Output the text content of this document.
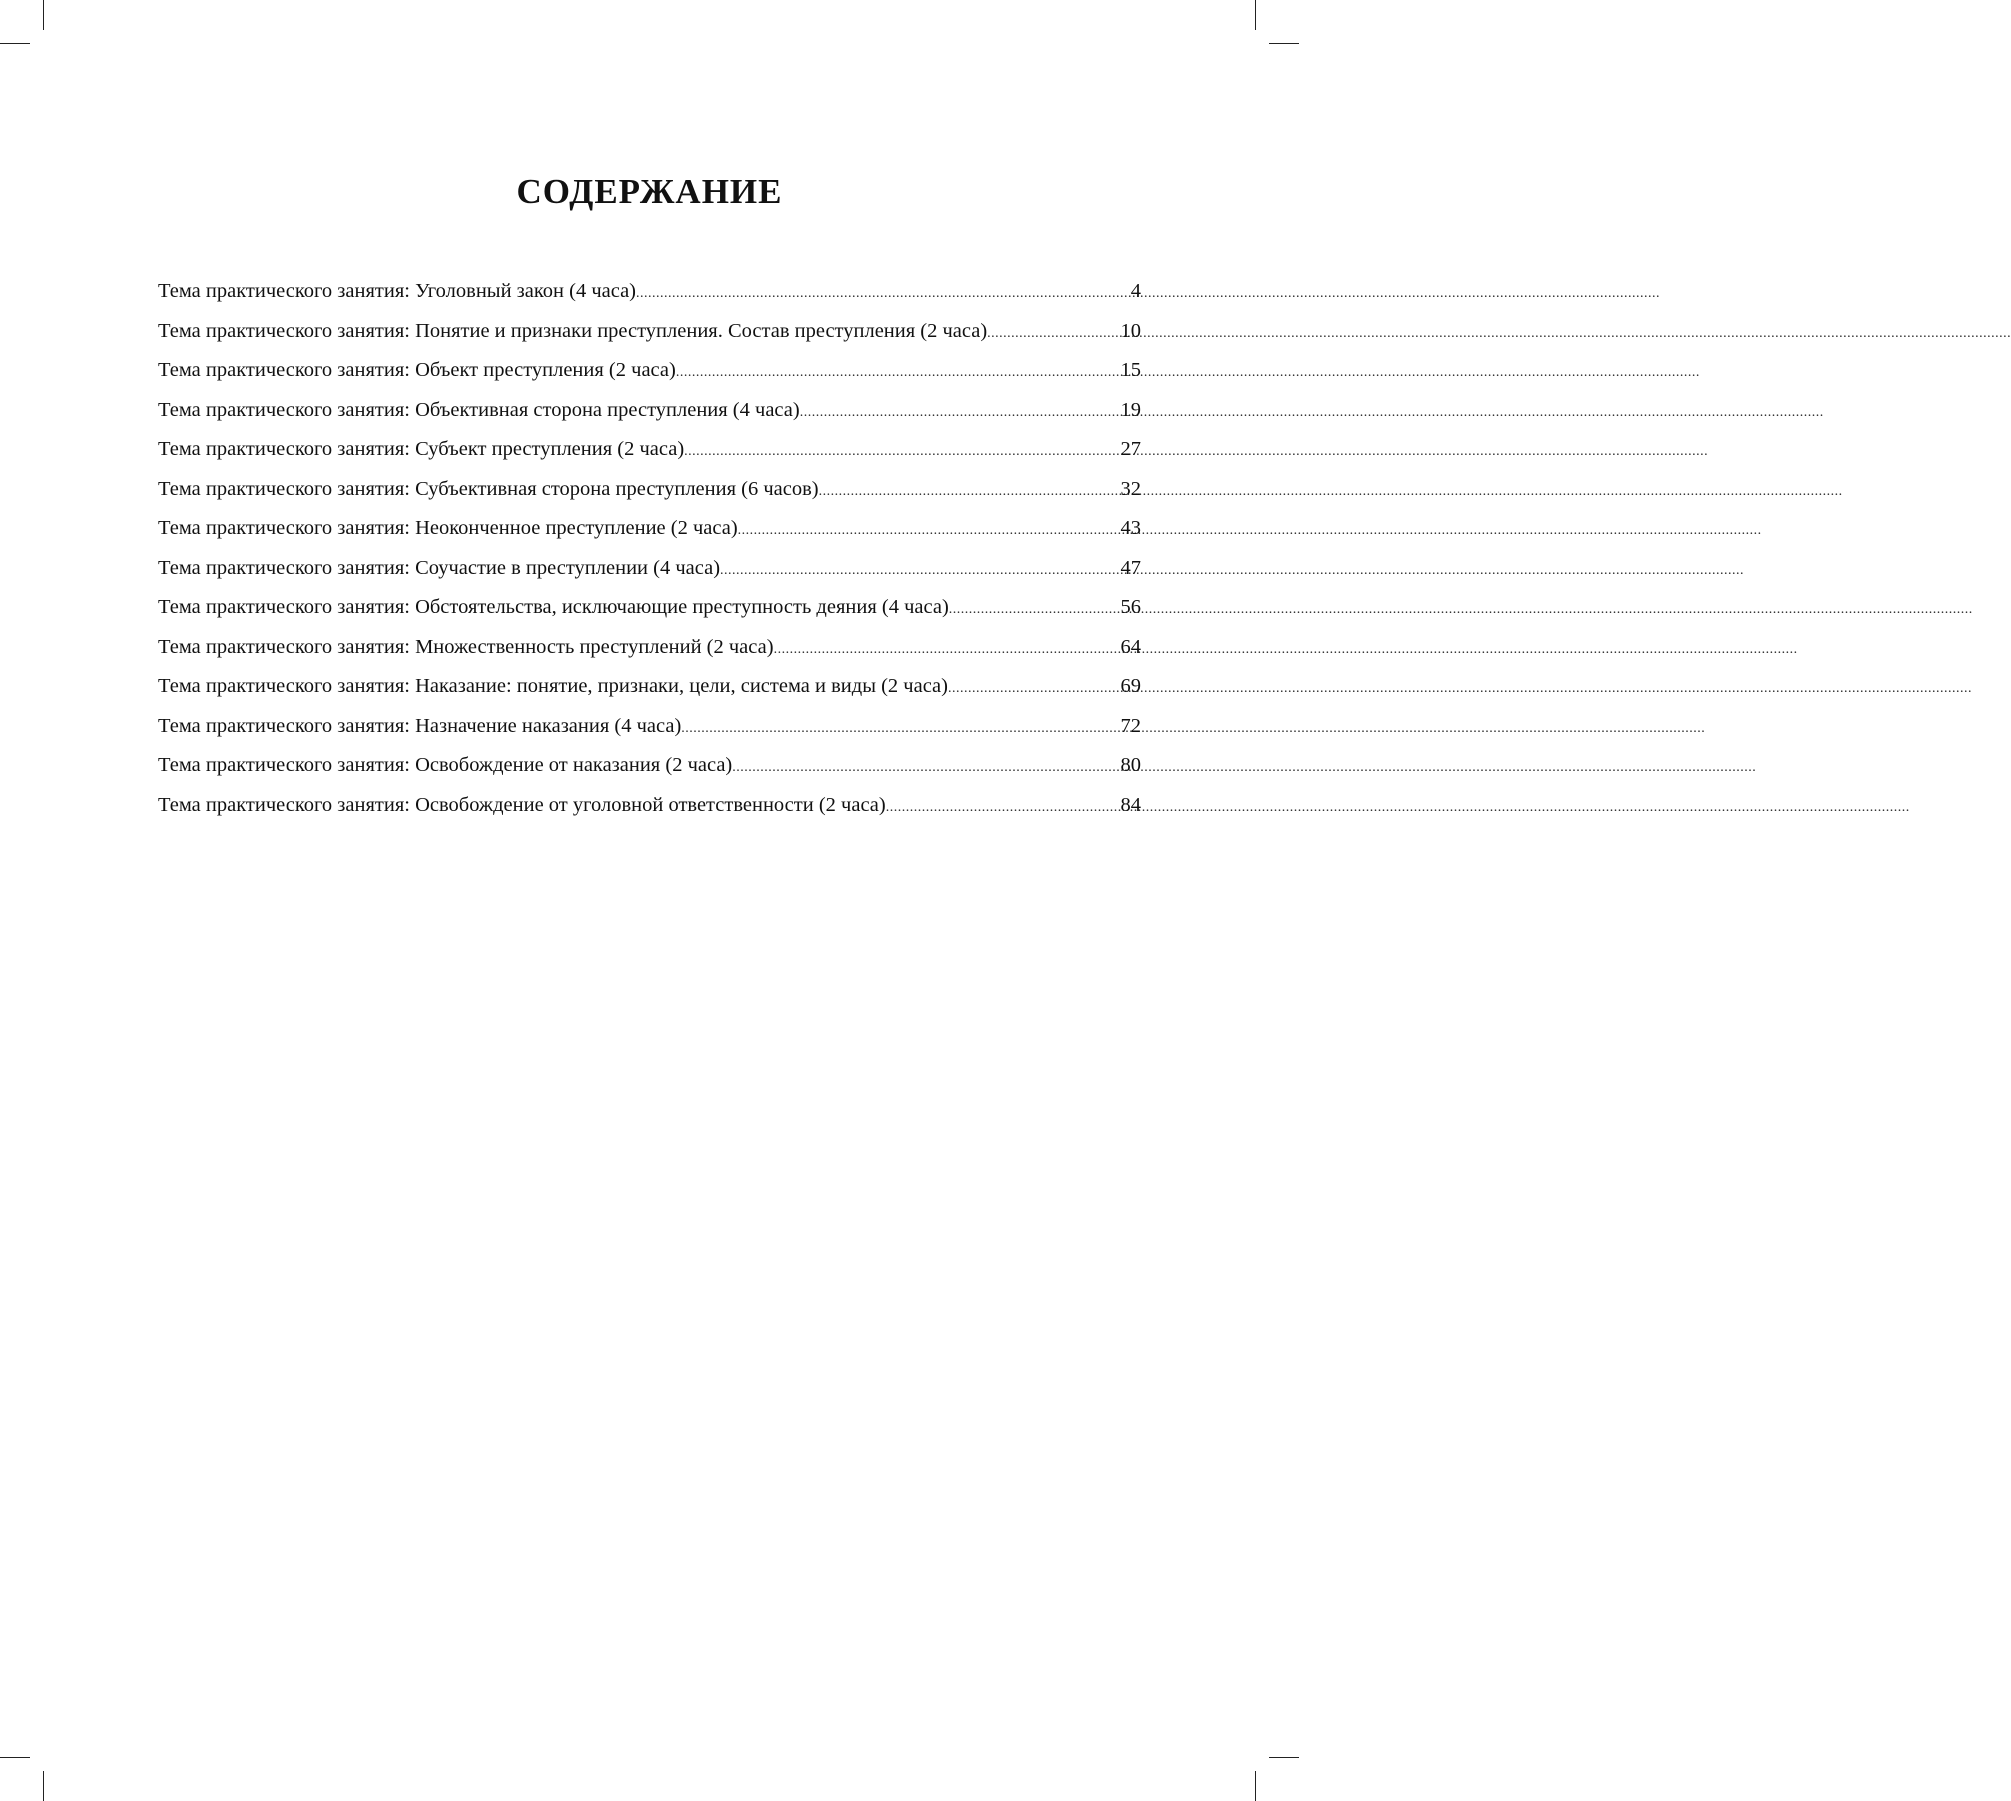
СОДЕРЖАНИЕ
Тема практического занятия: Уголовный закон (4 часа) .....	4
Тема практического занятия: Понятие и признаки преступления. Состав преступления (2 часа) .....	10
Тема практического занятия: Объект преступления (2 часа) .....	15
Тема практического занятия: Объективная сторона преступления (4 часа) .....	19
Тема практического занятия: Субъект преступления (2 часа) .....	27
Тема практического занятия: Субъективная сторона преступления (6 часов) .....	32
Тема практического занятия: Неоконченное преступление (2 часа) .....	43
Тема практического занятия: Соучастие в преступлении (4 часа) .....	47
Тема практического занятия: Обстоятельства, исключающие преступность деяния (4 часа) .....	56
Тема практического занятия: Множественность преступлений (2 часа) .....	64
Тема практического занятия: Наказание: понятие, признаки, цели, система и виды (2 часа) .....	69
Тема практического занятия: Назначение наказания (4 часа) .....	72
Тема практического занятия: Освобождение от наказания (2 часа) .....	80
Тема практического занятия: Освобождение от уголовной ответственности (2 часа) .....	84
